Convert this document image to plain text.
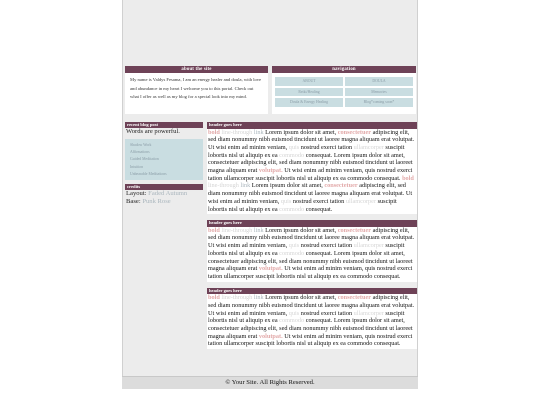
about the site
My name is Valdys Fesama, I am an energy healer and doula, with love and abundance in my heart I welcome you to this portal. Check out what I offer as well as my blog for a special look into my mind.
navigation
ABOUT	DOULA
Reiki/Healing	Memories
Doula & Energy Healing	Blog*coming soon*
recent blog post
Words are powerful.
Shadow Work
Affirmations
Guided Meditation
Intuition
Unbearable Meditations
credits
Layout: Faded Autumn
Base: Punk Rose
header goes here
bold line-through link Lorem ipsum dolor sit amet, consectetuer adipiscing elit, sed diam nonummy nibh euismod tincidunt ut laoree magna aliquam erat volutpat. Ut wisi enim ad minim veniam, quis nostrud exerci tation ullamcorper suscipit lobortis nisl ut aliquip ex ea commodo consequat. Lorem ipsum dolor sit amet, consectetuer adipiscing elit, sed diam nonummy nibh euismod tincidunt ut laoreet magna aliquam erat volutpat. Ut wisi enim ad minim veniam, quis nostrud exerci tation ullamcorper suscipit lobortis nisl ut aliquip ex ea commodo consequat. bold line-through link Lorem ipsum dolor sit amet, consectetuer adipiscing elit, sed diam nonummy nibh euismod tincidunt ut laoree magna aliquam erat volutpat. Ut wisi enim ad minim veniam, quis nostrud exerci tation ullamcorper suscipit lobortis nisl ut aliquip ex ea commodo consequat.
header goes here
bold line-through link Lorem ipsum dolor sit amet, consectetuer adipiscing elit, sed diam nonummy nibh euismod tincidunt ut laoree magna aliquam erat volutpat. Ut wisi enim ad minim veniam, quis nostrud exerci tation ullamcorper suscipit lobortis nisl ut aliquip ex ea commodo consequat. Lorem ipsum dolor sit amet, consectetuer adipiscing elit, sed diam nonummy nibh euismod tincidunt ut laoreet magna aliquam erat volutpat. Ut wisi enim ad minim veniam, quis nostrud exerci tation ullamcorper suscipit lobortis nisl ut aliquip ex ea commodo consequat.
header goes here
bold line-through link Lorem ipsum dolor sit amet, consectetuer adipiscing elit, sed diam nonummy nibh euismod tincidunt ut laoree magna aliquam erat volutpat. Ut wisi enim ad minim veniam, quis nostrud exerci tation ullamcorper suscipit lobortis nisl ut aliquip ex ea commodo consequat. Lorem ipsum dolor sit amet, consectetuer adipiscing elit, sed diam nonummy nibh euismod tincidunt ut laoreet magna aliquam erat volutpat. Ut wisi enim ad minim veniam, quis nostrud exerci tation ullamcorper suscipit lobortis nisl ut aliquip ex ea commodo consequat.
© Your Site. All Rights Reserved.
